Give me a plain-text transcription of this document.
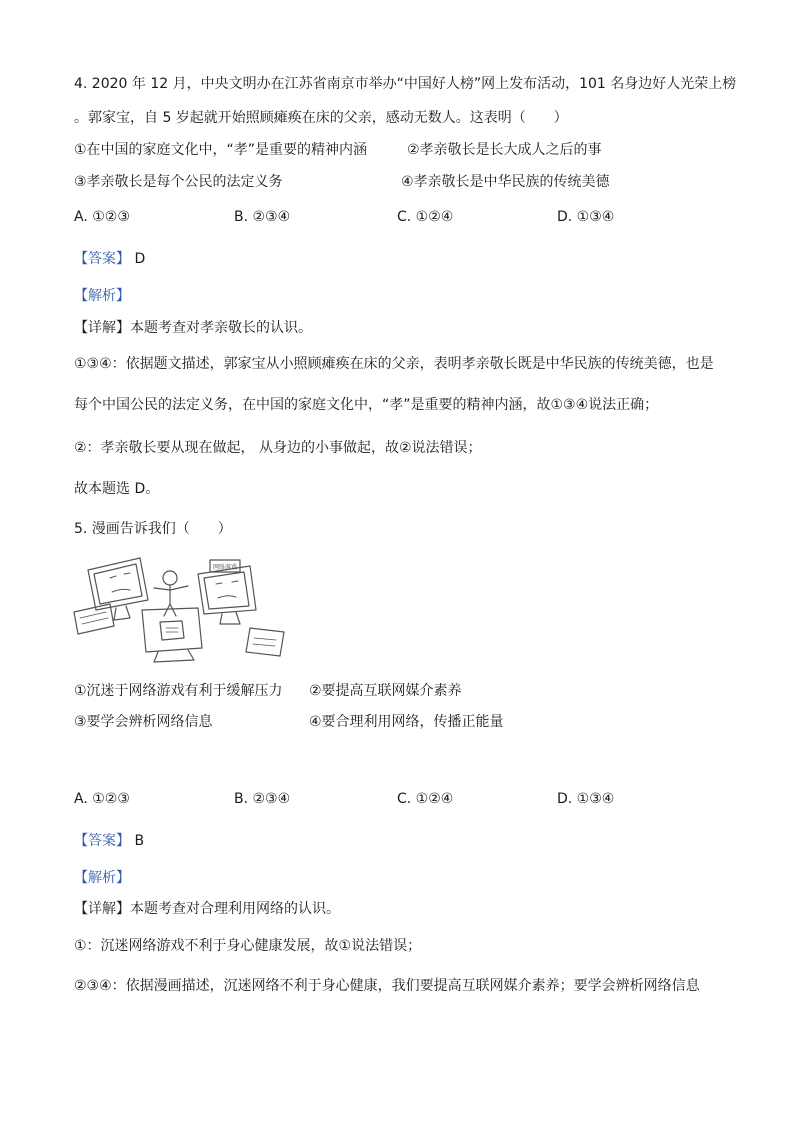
4. 2020 年 12 月，中央文明办在江苏省南京市举办“中国好人榜”网上发布活动，101 名身边好人光荣上榜
。郭家宝，自 5 岁起就开始照顾瘫痪在床的父亲，感动无数人。这表明（　　）
①在中国的家庭文化中，“孝”是重要的精神内涵	②孝亲敬长是长大成人之后的事
③孝亲敬长是每个公民的法定义务	④孝亲敬长是中华民族的传统美德
A. ①②③	B. ②③④	C. ①②④	D. ①③④
【答案】 D
【解析】
【详解】本题考查对孝亲敬长的认识。
①③④：依据题文描述，郭家宝从小照顾瘫痪在床的父亲，表明孝亲敬长既是中华民族的传统美德，也是
每个中国公民的法定义务，在中国的家庭文化中，“孝”是重要的精神内涵，故①③④说法正确；
②：孝亲敬长要从现在做起， 从身边的小事做起，故②说法错误；
故本题选 D。
5. 漫画告诉我们（　　）
网络游戏
①沉迷于网络游戏有利于缓解压力 ②要提高互联网媒介素养
③要学会辨析网络信息	④要合理利用网络，传播正能量
A. ①②③	B. ②③④	C. ①②④	D. ①③④
【答案】 B
【解析】
【详解】本题考查对合理利用网络的认识。
①：沉迷网络游戏不利于身心健康发展，故①说法错误；
②③④：依据漫画描述，沉迷网络不利于身心健康，我们要提高互联网媒介素养；要学会辨析网络信息
